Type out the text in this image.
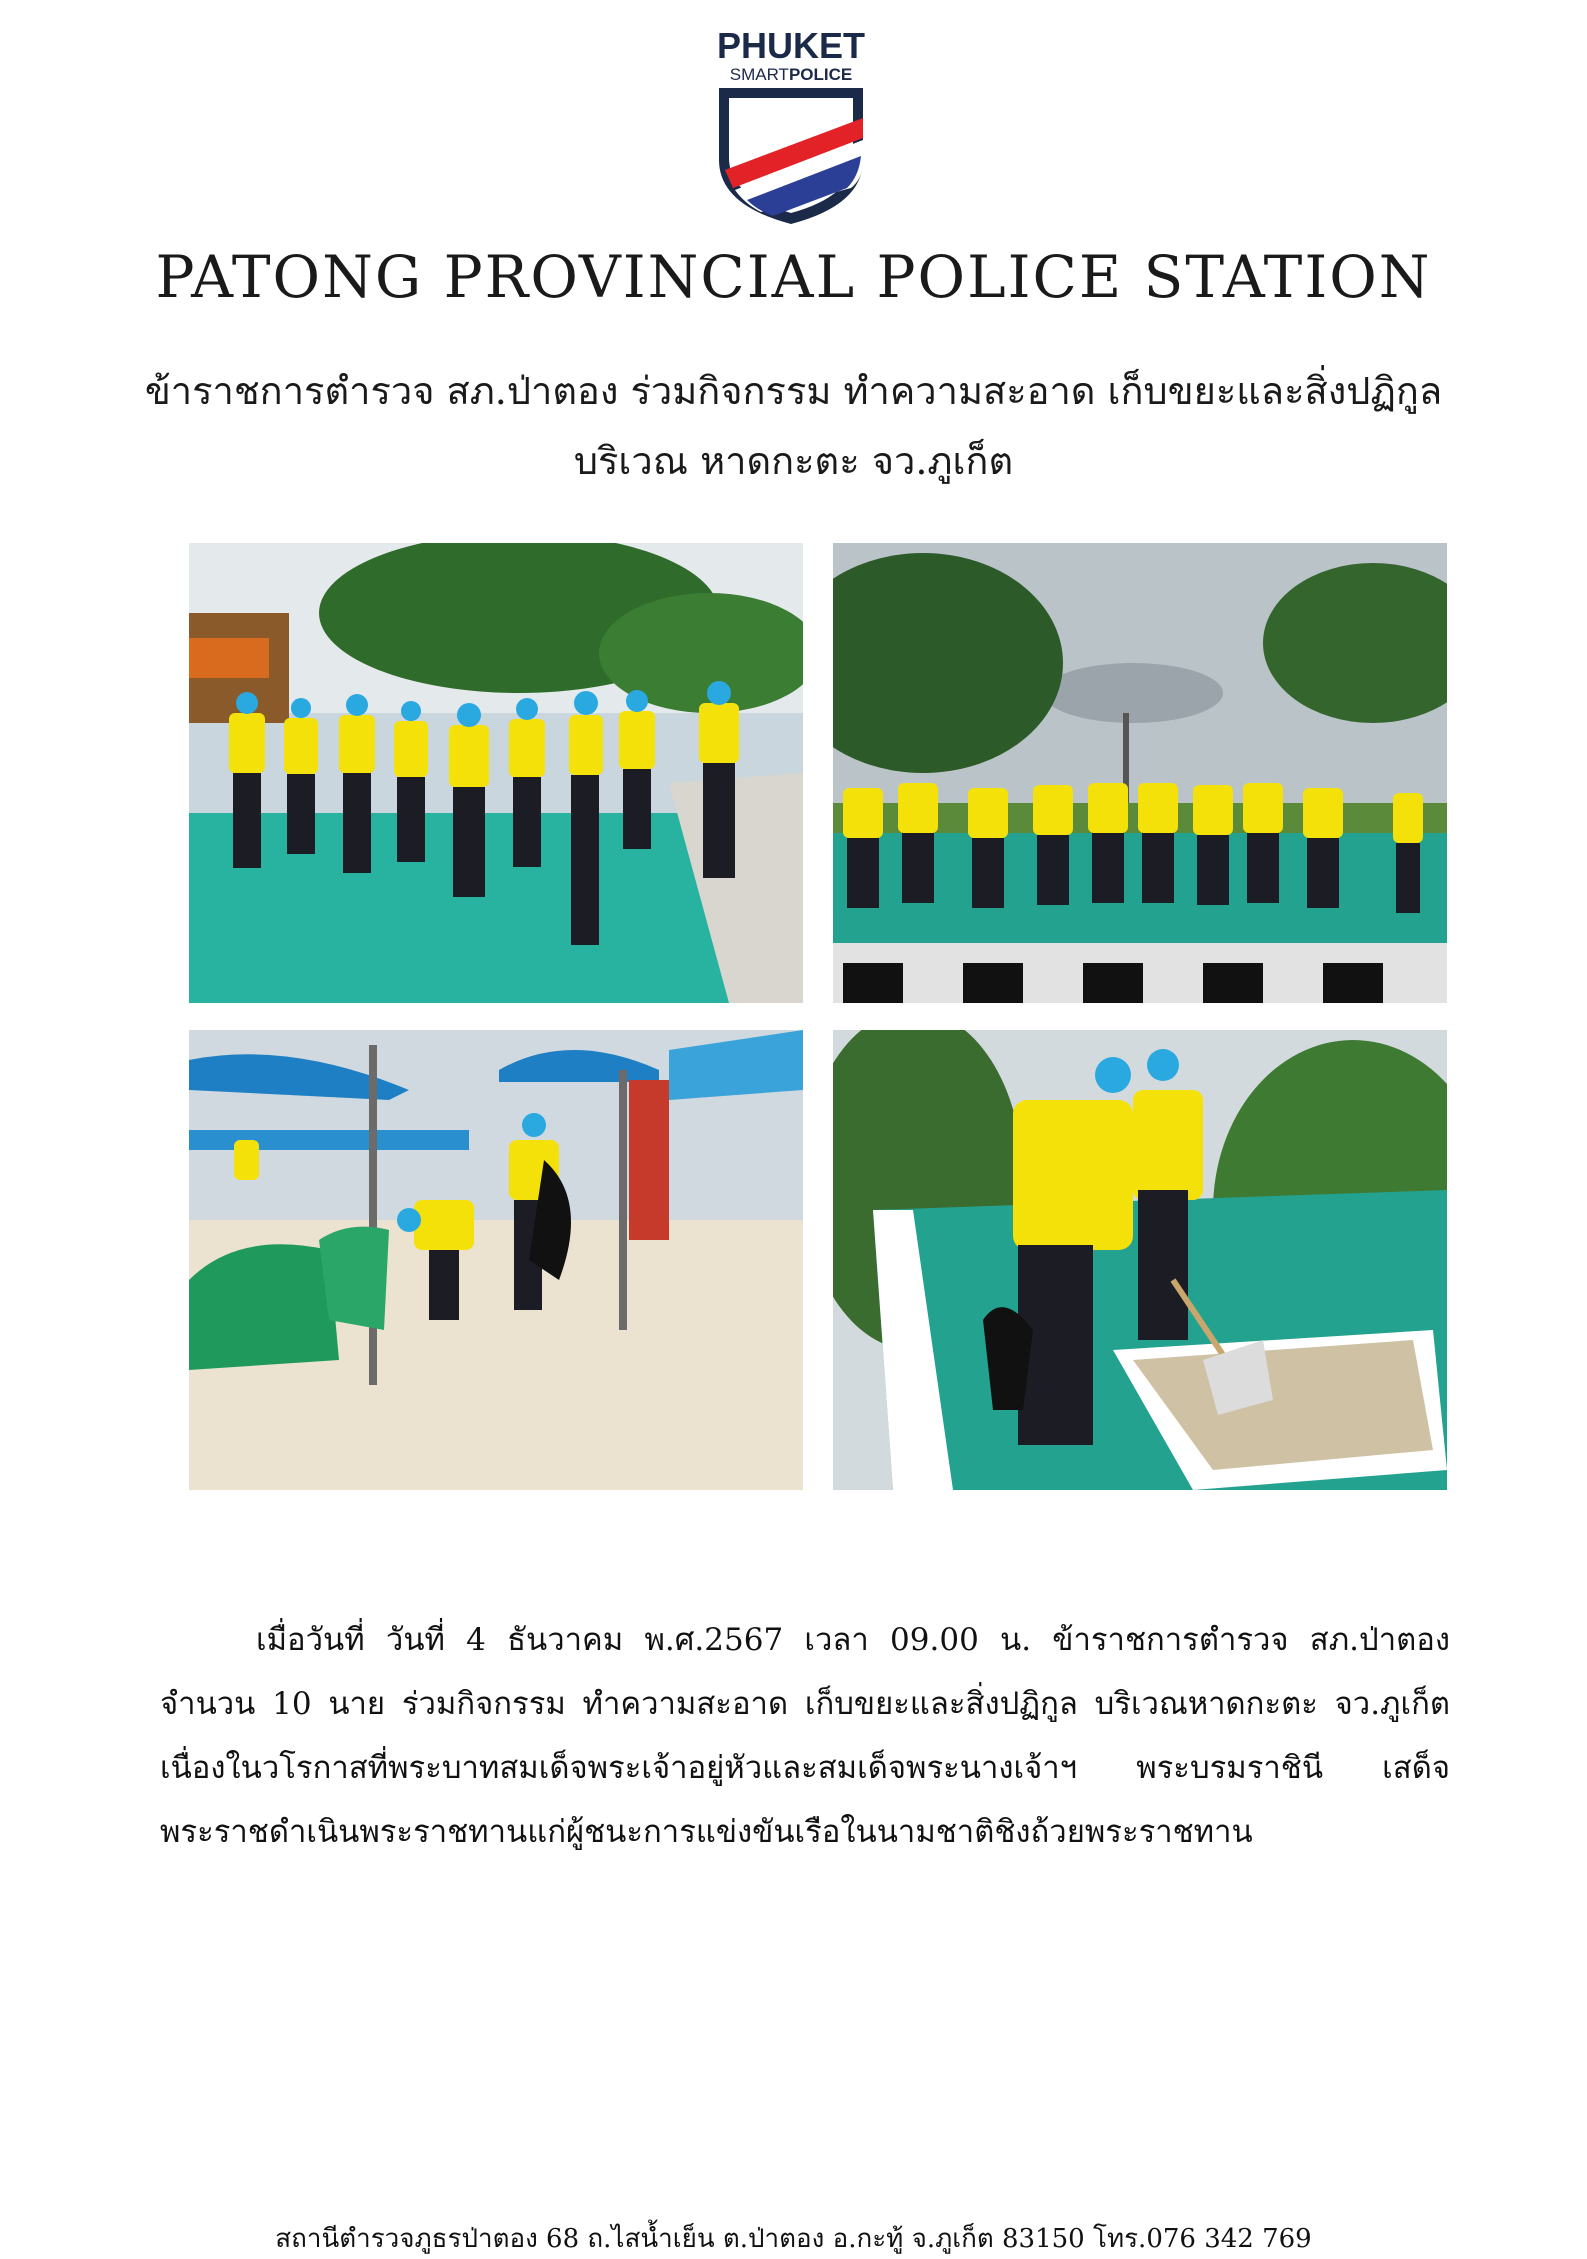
PHUKET
SMARTPOLICE
PATONG PROVINCIAL POLICE STATION
ข้าราชการตำรวจ สภ.ป่าตอง ร่วมกิจกรรม ทำความสะอาด เก็บขยะและสิ่งปฏิกูล
บริเวณ หาดกะตะ จว.ภูเก็ต
เมื่อวันที่ วันที่ 4 ธันวาคม พ.ศ.2567 เวลา 09.00 น. ข้าราชการตำรวจ สภ.ป่าตอง จำนวน 10 นาย ร่วมกิจกรรม ทำความสะอาด เก็บขยะและสิ่งปฏิกูล บริเวณหาดกะตะ จว.ภูเก็ต เนื่องในวโรกาสที่พระบาทสมเด็จพระเจ้าอยู่หัวและสมเด็จพระนางเจ้าฯ พระบรมราชินี เสด็จพระราชดำเนินพระราชทานแก่ผู้ชนะการแข่งขันเรือในนามชาติชิงถ้วยพระราชทาน
สถานีตำรวจภูธรป่าตอง 68 ถ.ไสน้ำเย็น ต.ป่าตอง อ.กะทู้ จ.ภูเก็ต 83150 โทร.076 342 769
